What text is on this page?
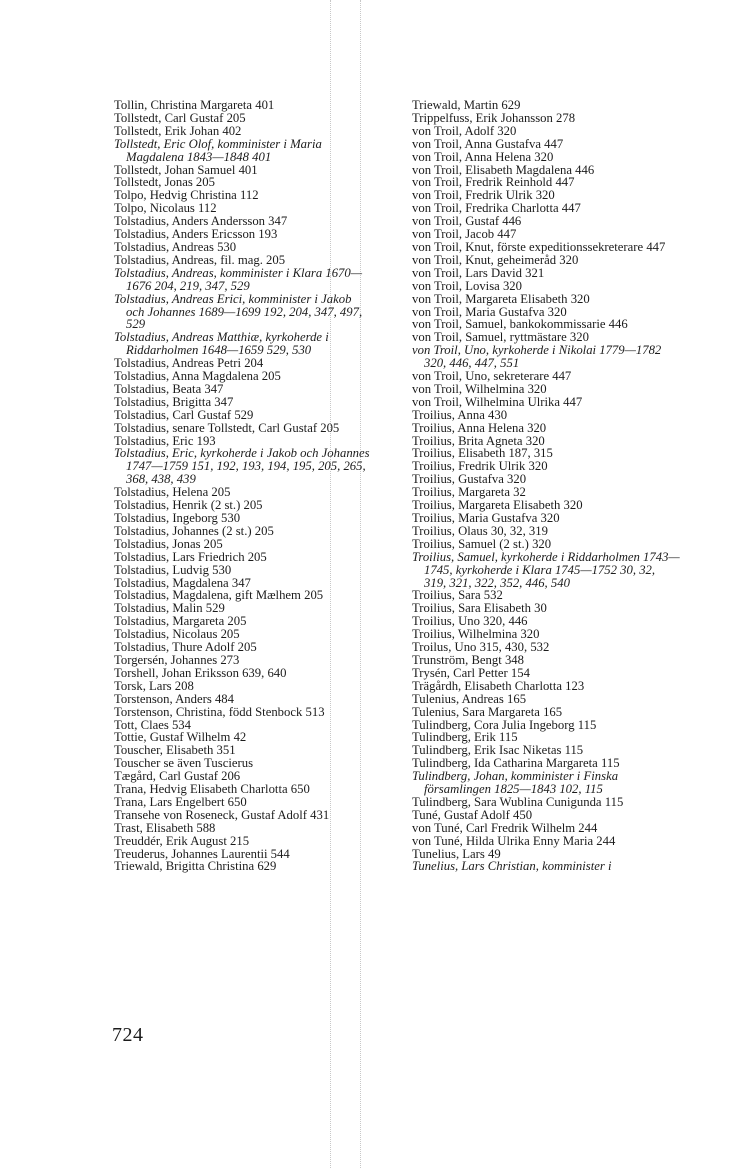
Tollin, Christina Margareta 401
Tollstedt, Carl Gustaf 205
Tollstedt, Erik Johan 402
Tollstedt, Eric Olof, komminister i Maria Magdalena 1843—1848 401
Tollstedt, Johan Samuel 401
Tollstedt, Jonas 205
Tolpo, Hedvig Christina 112
Tolpo, Nicolaus 112
Tolstadius, Anders Andersson 347
Tolstadius, Anders Ericsson 193
Tolstadius, Andreas 530
Tolstadius, Andreas, fil. mag. 205
Tolstadius, Andreas, komminister i Klara 1670—1676 204, 219, 347, 529
Tolstadius, Andreas Erici, komminister i Jakob och Johannes 1689—1699 192, 204, 347, 497, 529
Tolstadius, Andreas Matthiæ, kyrkoherde i Riddarholmen 1648—1659 529, 530
Tolstadius, Andreas Petri 204
Tolstadius, Anna Magdalena 205
Tolstadius, Beata 347
Tolstadius, Brigitta 347
Tolstadius, Carl Gustaf 529
Tolstadius, senare Tollstedt, Carl Gustaf 205
Tolstadius, Eric 193
Tolstadius, Eric, kyrkoherde i Jakob och Johannes 1747—1759 151, 192, 193, 194, 195, 205, 265, 368, 438, 439
Tolstadius, Helena 205
Tolstadius, Henrik (2 st.) 205
Tolstadius, Ingeborg 530
Tolstadius, Johannes (2 st.) 205
Tolstadius, Jonas 205
Tolstadius, Lars Friedrich 205
Tolstadius, Ludvig 530
Tolstadius, Magdalena 347
Tolstadius, Magdalena, gift Mælhem 205
Tolstadius, Malin 529
Tolstadius, Margareta 205
Tolstadius, Nicolaus 205
Tolstadius, Thure Adolf 205
Torgersén, Johannes 273
Torshell, Johan Eriksson 639, 640
Torsk, Lars 208
Torstenson, Anders 484
Torstenson, Christina, född Stenbock 513
Tott, Claes 534
Tottie, Gustaf Wilhelm 42
Touscher, Elisabeth 351
Touscher se även Tuscierus
Tægård, Carl Gustaf 206
Trana, Hedvig Elisabeth Charlotta 650
Trana, Lars Engelbert 650
Transehe von Roseneck, Gustaf Adolf 431
Trast, Elisabeth 588
Treuddér, Erik August 215
Treuderus, Johannes Laurentii 544
Triewald, Brigitta Christina 629
Triewald, Martin 629
Trippelfuss, Erik Johansson 278
von Troil, Adolf 320
von Troil, Anna Gustafva 447
von Troil, Anna Helena 320
von Troil, Elisabeth Magdalena 446
von Troil, Fredrik Reinhold 447
von Troil, Fredrik Ulrik 320
von Troil, Fredrika Charlotta 447
von Troil, Gustaf 446
von Troil, Jacob 447
von Troil, Knut, förste expeditionssekreterare 447
von Troil, Knut, geheimeråd 320
von Troil, Lars David 321
von Troil, Lovisa 320
von Troil, Margareta Elisabeth 320
von Troil, Maria Gustafva 320
von Troil, Samuel, bankokommissarie 446
von Troil, Samuel, ryttmästare 320
von Troil, Uno, kyrkoherde i Nikolai 1779—1782 320, 446, 447, 551
von Troil, Uno, sekreterare 447
von Troil, Wilhelmina 320
von Troil, Wilhelmina Ulrika 447
Troilius, Anna 430
Troilius, Anna Helena 320
Troilius, Brita Agneta 320
Troilius, Elisabeth 187, 315
Troilius, Fredrik Ulrik 320
Troilius, Gustafva 320
Troilius, Margareta 32
Troilius, Margareta Elisabeth 320
Troilius, Maria Gustafva 320
Troilius, Olaus 30, 32, 319
Troilius, Samuel (2 st.) 320
Troilius, Samuel, kyrkoherde i Riddarholmen 1743—1745, kyrkoherde i Klara 1745—1752 30, 32, 319, 321, 322, 352, 446, 540
Troilius, Sara 532
Troilius, Sara Elisabeth 30
Troilius, Uno 320, 446
Troilius, Wilhelmina 320
Troilus, Uno 315, 430, 532
Trunström, Bengt 348
Trysén, Carl Petter 154
Trägårdh, Elisabeth Charlotta 123
Tulenius, Andreas 165
Tulenius, Sara Margareta 165
Tulindberg, Cora Julia Ingeborg 115
Tulindberg, Erik 115
Tulindberg, Erik Isac Niketas 115
Tulindberg, Ida Catharina Margareta 115
Tulindberg, Johan, komminister i Finska församlingen 1825—1843 102, 115
Tulindberg, Sara Wublina Cunigunda 115
Tuné, Gustaf Adolf 450
von Tuné, Carl Fredrik Wilhelm 244
von Tuné, Hilda Ulrika Enny Maria 244
Tunelius, Lars 49
Tunelius, Lars Christian, komminister i
724
